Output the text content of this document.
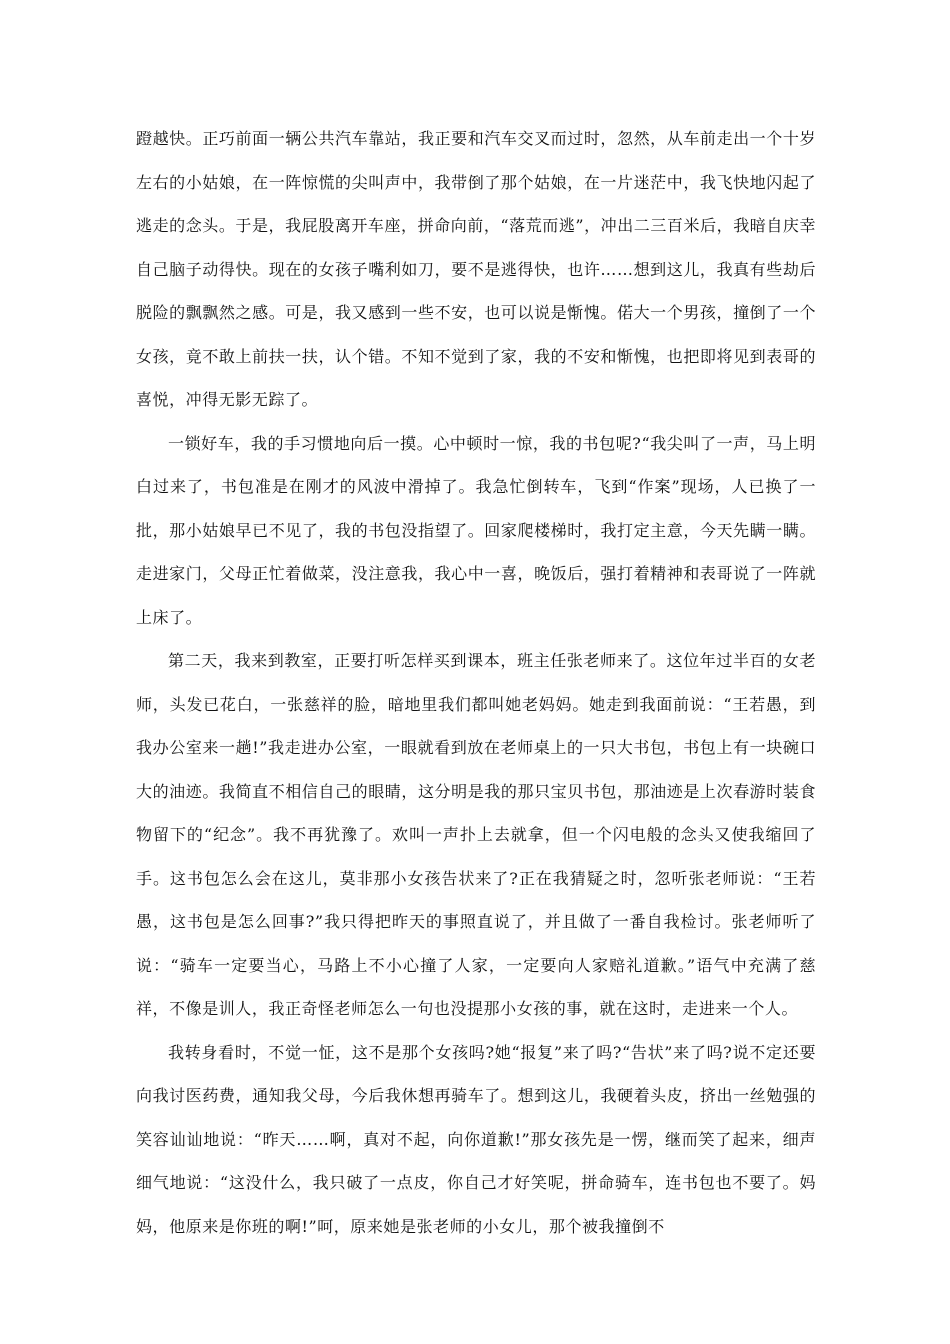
蹬越快。正巧前面一辆公共汽车靠站，我正要和汽车交叉而过时，忽然，从车前走出一个十岁左右的小姑娘，在一阵惊慌的尖叫声中，我带倒了那个姑娘，在一片迷茫中，我飞快地闪起了逃走的念头。于是，我屁股离开车座，拼命向前，“落荒而逃”，冲出二三百米后，我暗自庆幸自己脑子动得快。现在的女孩子嘴利如刀，要不是逃得快，也许……想到这儿，我真有些劫后脱险的飘飘然之感。可是，我又感到一些不安，也可以说是惭愧。偌大一个男孩，撞倒了一个女孩，竟不敢上前扶一扶，认个错。不知不觉到了家，我的不安和惭愧，也把即将见到表哥的喜悦，冲得无影无踪了。

一锁好车，我的手习惯地向后一摸。心中顿时一惊，我的书包呢?“我尖叫了一声，马上明白过来了，书包准是在刚才的风波中滑掉了。我急忙倒转车，飞到“作案”现场，人已换了一批，那小姑娘早已不见了，我的书包没指望了。回家爬楼梯时，我打定主意，今天先瞒一瞒。走进家门，父母正忙着做菜，没注意我，我心中一喜，晚饭后，强打着精神和表哥说了一阵就上床了。

第二天，我来到教室，正要打听怎样买到课本，班主任张老师来了。这位年过半百的女老师，头发已花白，一张慈祥的脸，暗地里我们都叫她老妈妈。她走到我面前说：“王若愚，到我办公室来一趟!”我走进办公室，一眼就看到放在老师桌上的一只大书包，书包上有一块碗口大的油迹。我简直不相信自己的眼睛，这分明是我的那只宝贝书包，那油迹是上次春游时装食物留下的“纪念”。我不再犹豫了。欢叫一声扑上去就拿，但一个闪电般的念头又使我缩回了手。这书包怎么会在这儿，莫非那小女孩告状来了?正在我猜疑之时，忽听张老师说：“王若愚，这书包是怎么回事?”我只得把昨天的事照直说了，并且做了一番自我检讨。张老师听了说：“骑车一定要当心，马路上不小心撞了人家，一定要向人家赔礼道歉。”语气中充满了慈祥，不像是训人，我正奇怪老师怎么一句也没提那小女孩的事，就在这时，走进来一个人。

我转身看时，不觉一怔，这不是那个女孩吗?她“报复”来了吗?“告状”来了吗?说不定还要向我讨医药费，通知我父母，今后我休想再骑车了。想到这儿，我硬着头皮，挤出一丝勉强的笑容讪讪地说：“昨天……啊，真对不起，向你道歉!”那女孩先是一愣，继而笑了起来，细声细气地说：“这没什么，我只破了一点皮，你自己才好笑呢，拼命骑车，连书包也不要了。妈妈，他原来是你班的啊!”呵，原来她是张老师的小女儿，那个被我撞倒不
